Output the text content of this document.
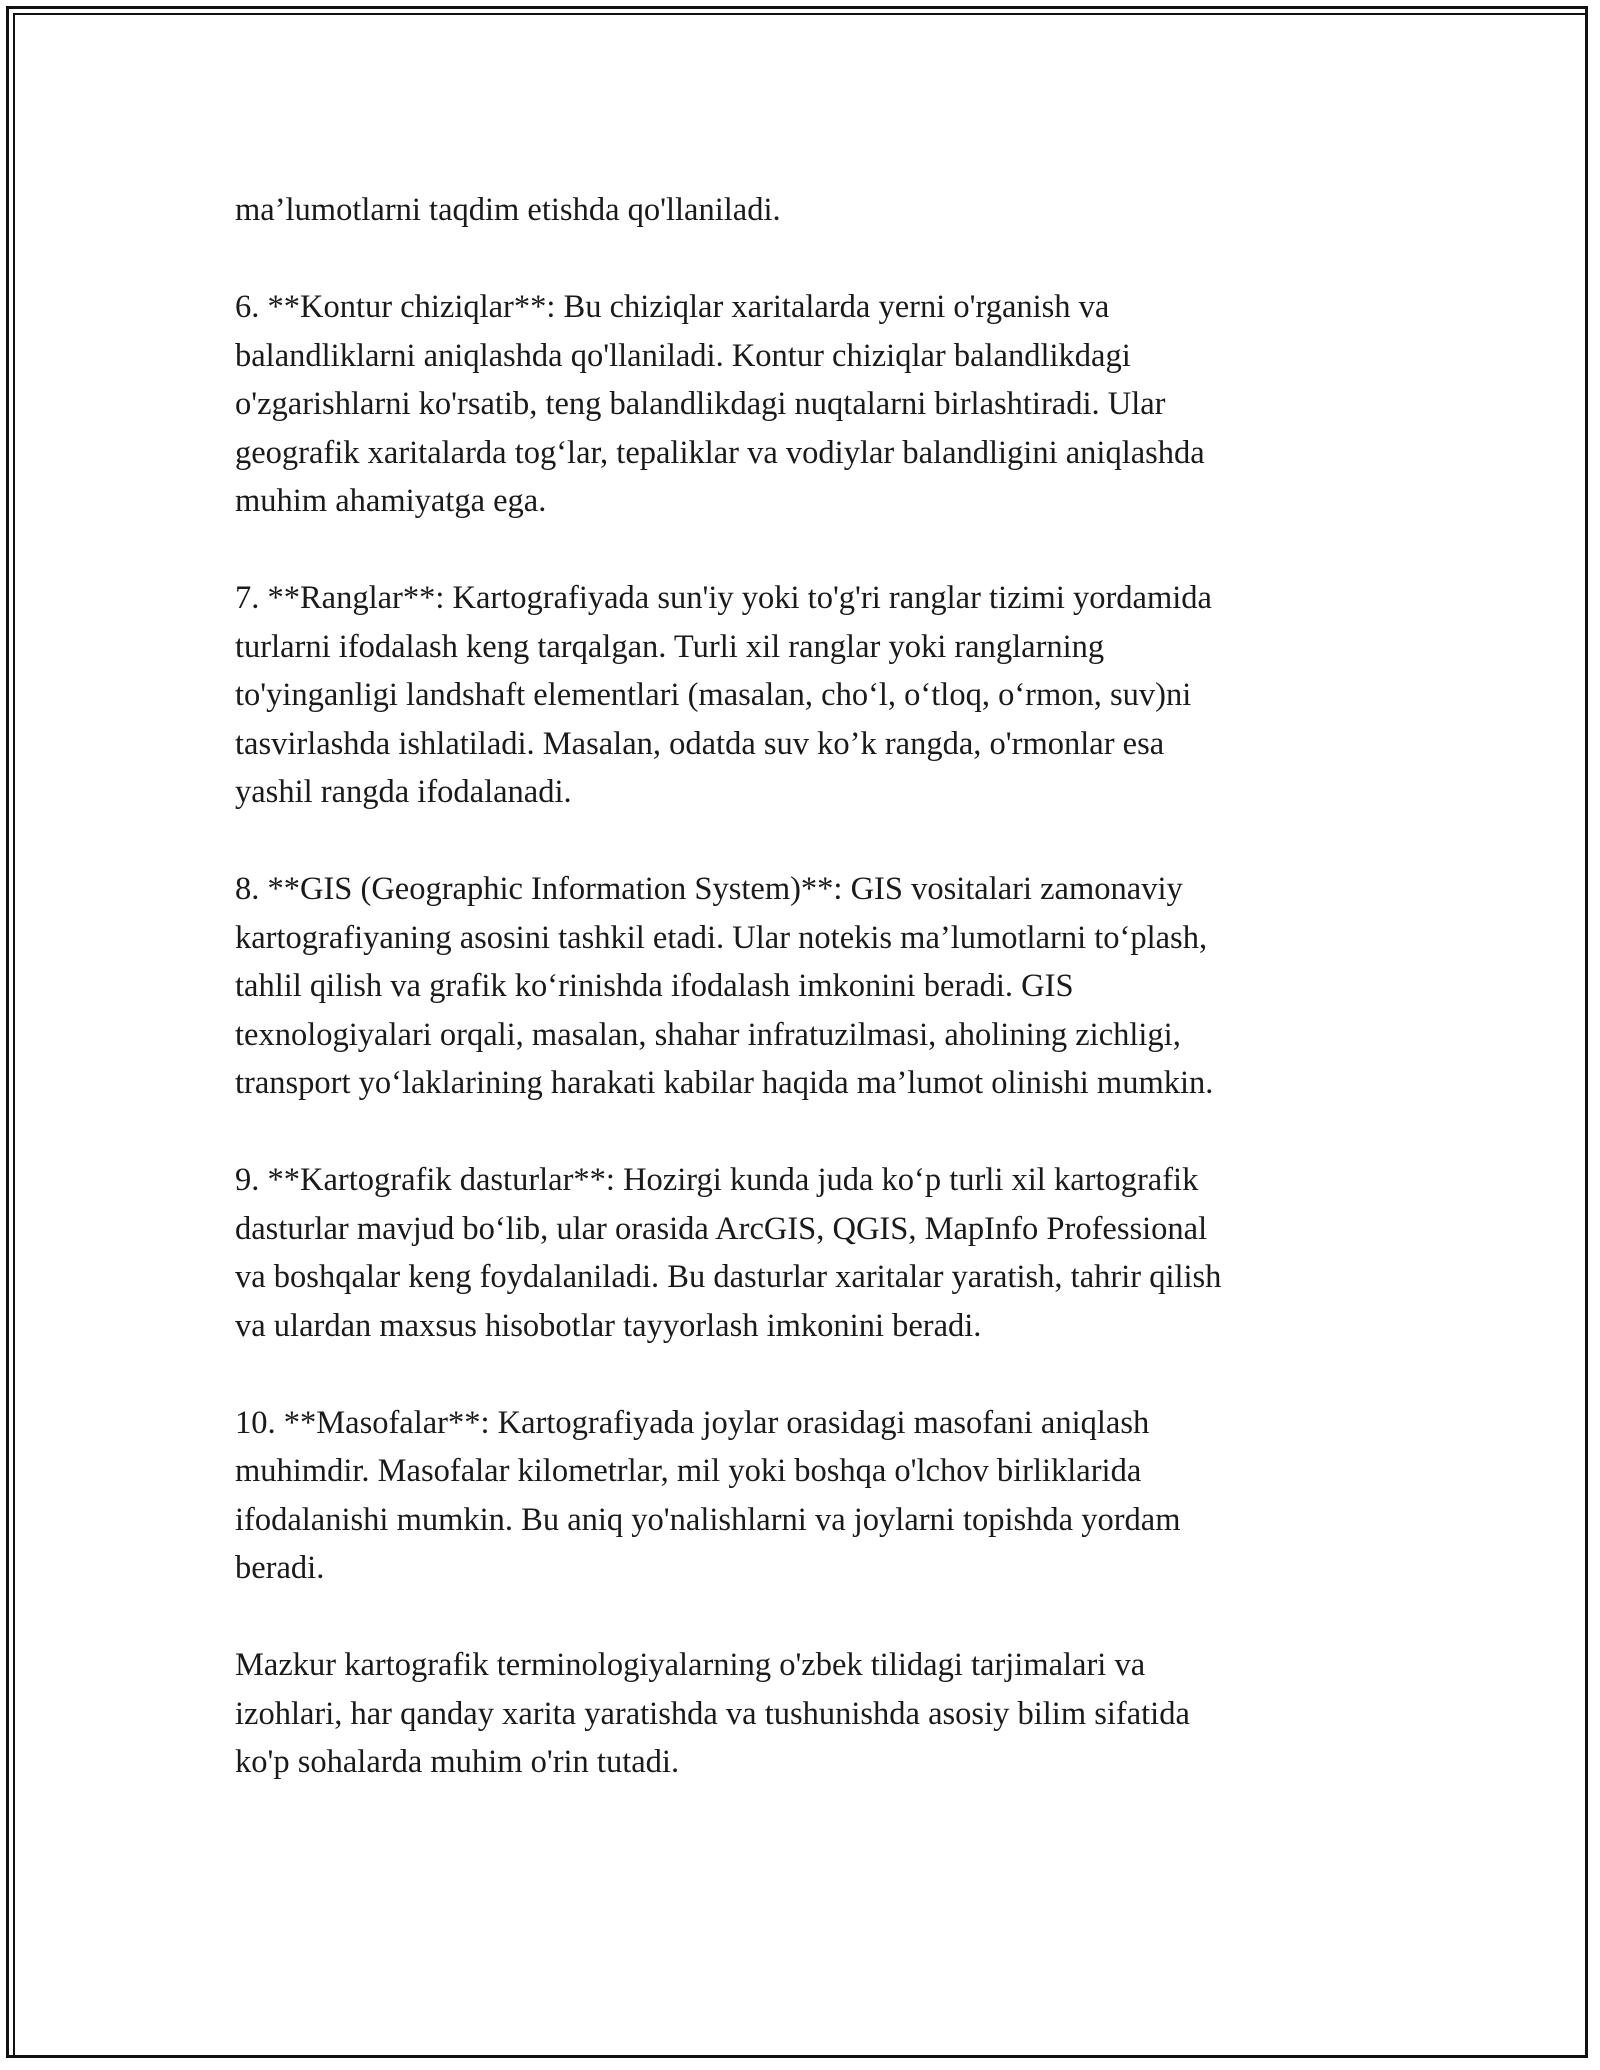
ma’lumotlarni taqdim etishda qo'llaniladi.

6. **Kontur chiziqlar**: Bu chiziqlar xaritalarda yerni o'rganish va
balandliklarni aniqlashda qo'llaniladi. Kontur chiziqlar balandlikdagi
o'zgarishlarni ko'rsatib, teng balandlikdagi nuqtalarni birlashtiradi. Ular
geografik xaritalarda tog‘lar, tepaliklar va vodiylar balandligini aniqlashda
muhim ahamiyatga ega.

7. **Ranglar**: Kartografiyada sun'iy yoki to'g'ri ranglar tizimi yordamida
turlarni ifodalash keng tarqalgan. Turli xil ranglar yoki ranglarning
to'yinganligi landshaft elementlari (masalan, cho‘l, o‘tloq, o‘rmon, suv)ni
tasvirlashda ishlatiladi. Masalan, odatda suv ko’k rangda, o'rmonlar esa
yashil rangda ifodalanadi.

8. **GIS (Geographic Information System)**: GIS vositalari zamonaviy
kartografiyaning asosini tashkil etadi. Ular notekis ma’lumotlarni to‘plash,
tahlil qilish va grafik ko‘rinishda ifodalash imkonini beradi. GIS
texnologiyalari orqali, masalan, shahar infratuzilmasi, aholining zichligi,
transport yo‘laklarining harakati kabilar haqida ma’lumot olinishi mumkin.

9. **Kartografik dasturlar**: Hozirgi kunda juda ko‘p turli xil kartografik
dasturlar mavjud bo‘lib, ular orasida ArcGIS, QGIS, MapInfo Professional
va boshqalar keng foydalaniladi. Bu dasturlar xaritalar yaratish, tahrir qilish
va ulardan maxsus hisobotlar tayyorlash imkonini beradi.

10. **Masofalar**: Kartografiyada joylar orasidagi masofani aniqlash
muhimdir. Masofalar kilometrlar, mil yoki boshqa o'lchov birliklarida
ifodalanishi mumkin. Bu aniq yo'nalishlarni va joylarni topishda yordam
beradi.

Mazkur kartografik terminologiyalarning o'zbek tilidagi tarjimalari va
izohlari, har qanday xarita yaratishda va tushunishda asosiy bilim sifatida
ko'p sohalarda muhim o'rin tutadi.
